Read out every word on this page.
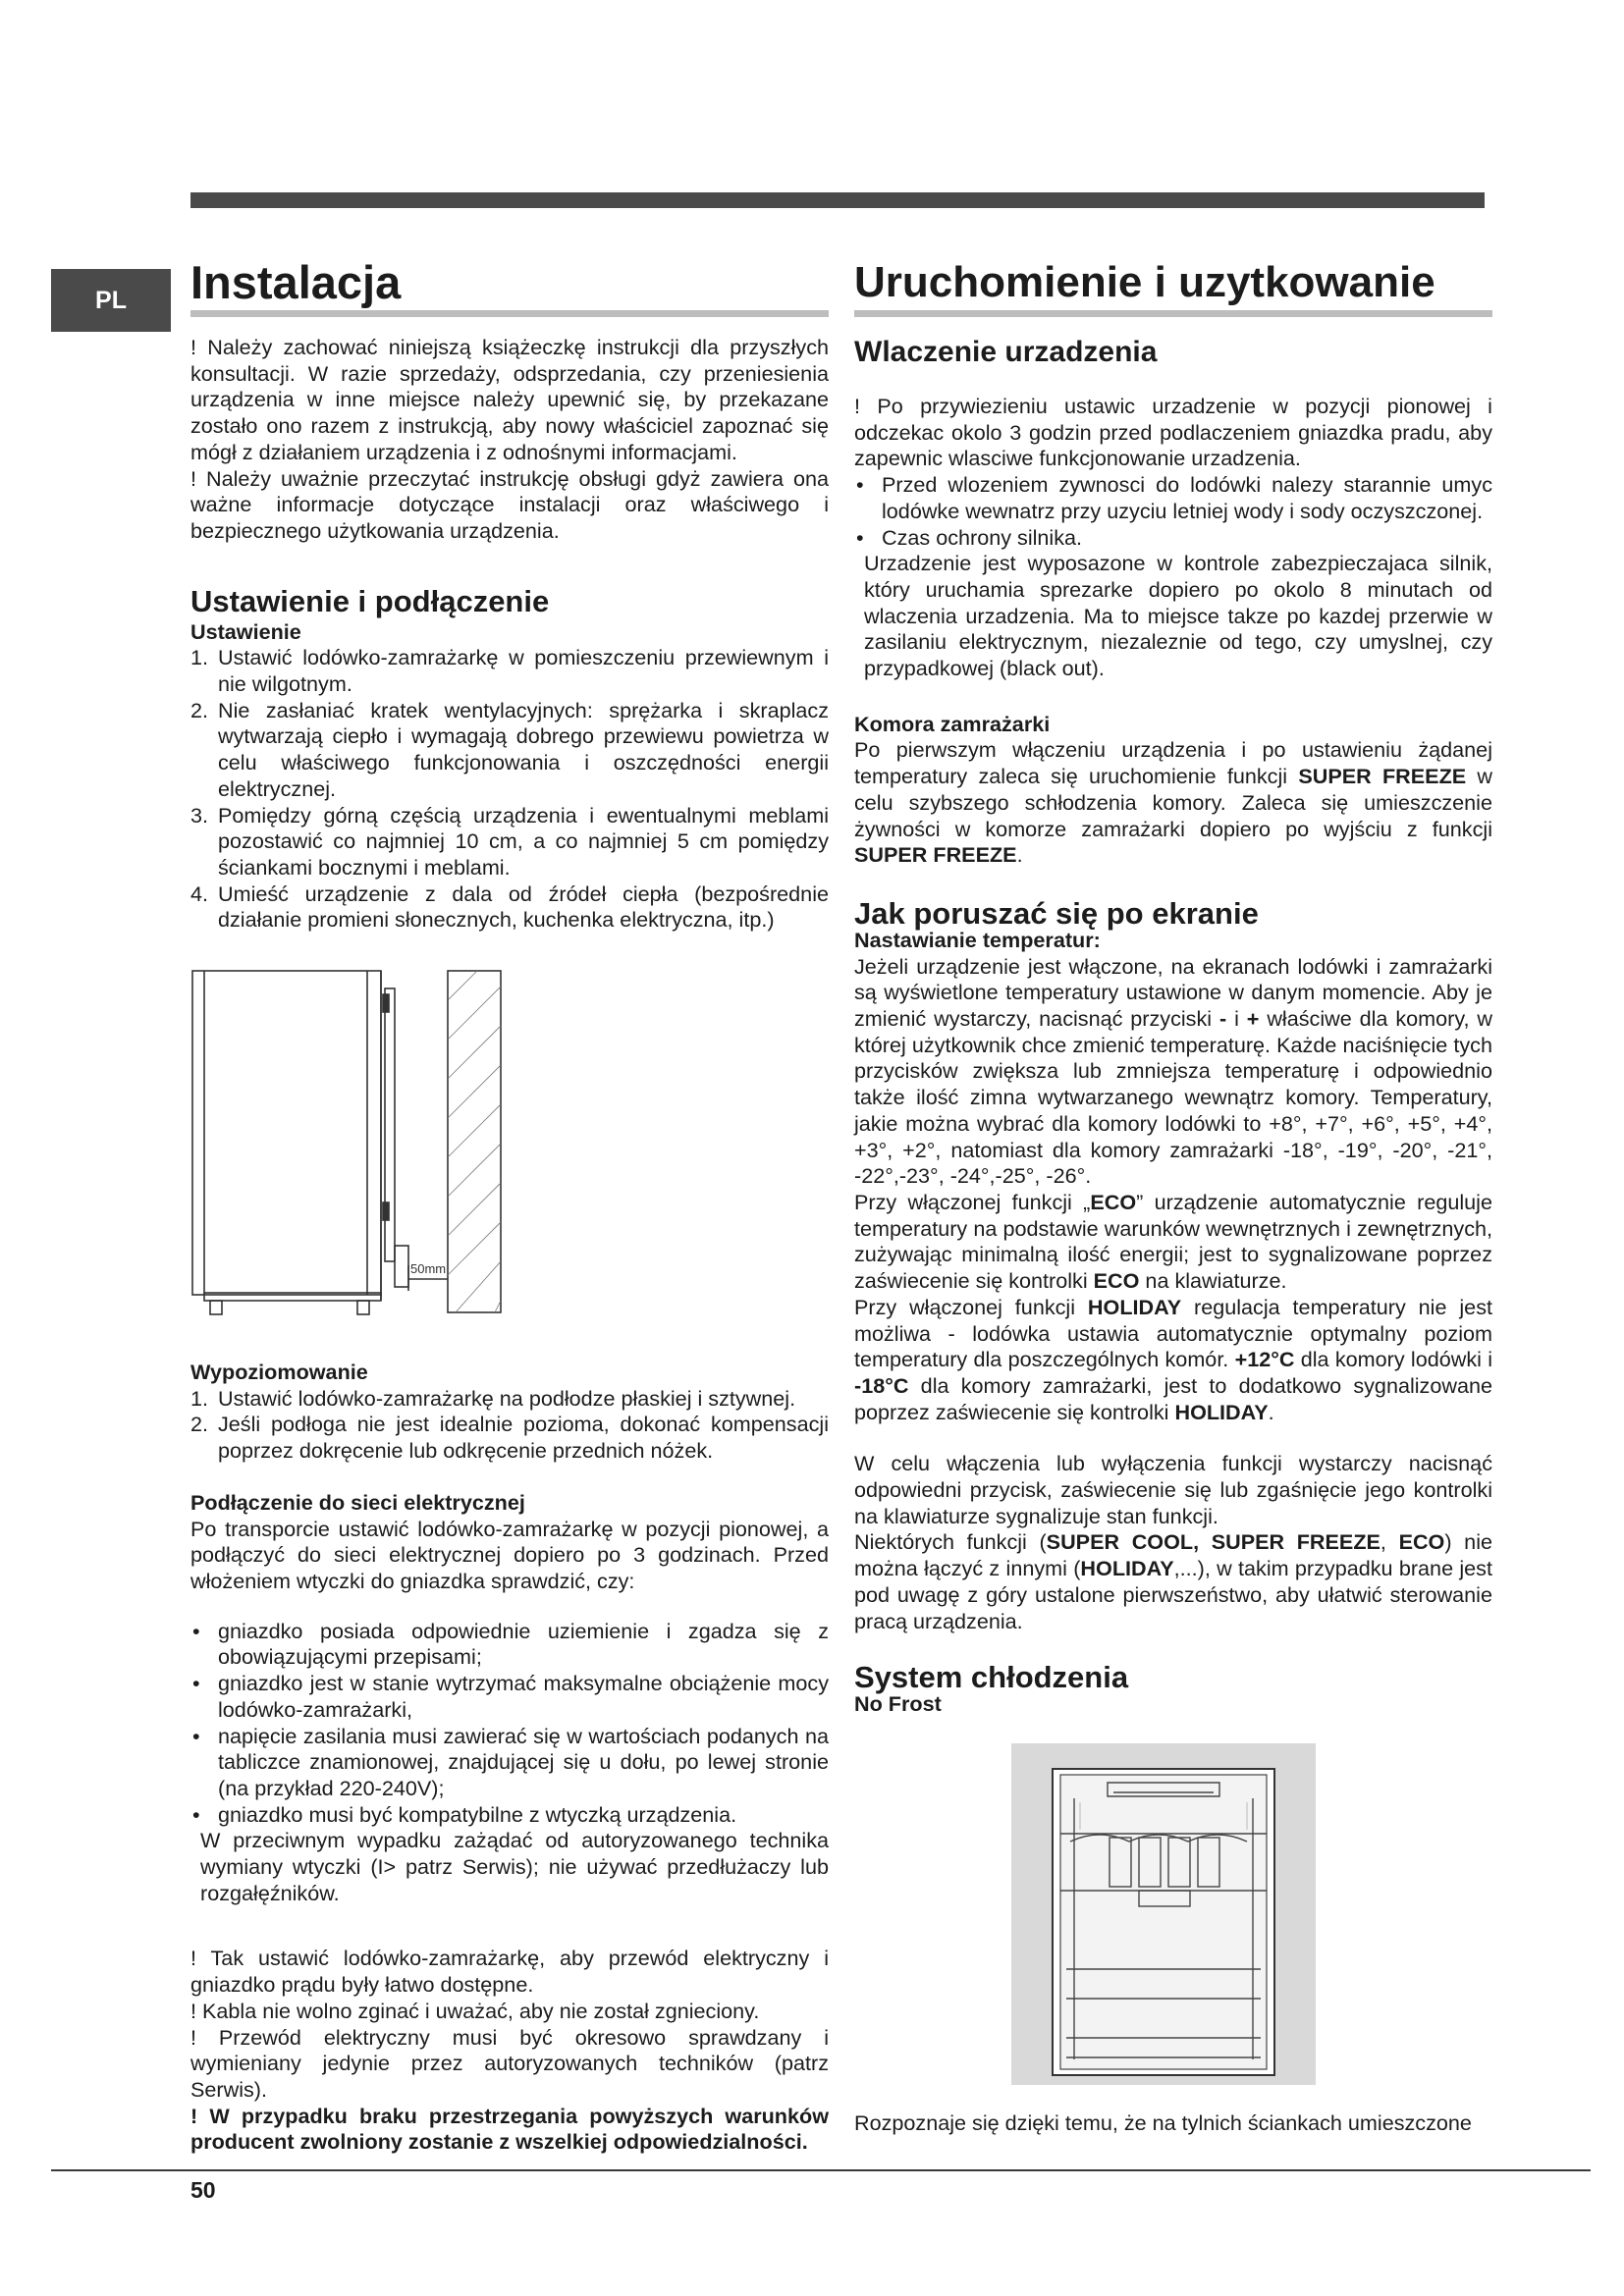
PL	Instalacja

! Należy zachować niniejszą książeczkę instrukcji dla przyszłych konsultacji. W razie sprzedaży, odsprzedania, czy przeniesienia urządzenia w inne miejsce należy upewnić się, by przekazane zostało ono razem z instrukcją, aby nowy właściciel zapoznać się mógł z działaniem urządzenia i z odnośnymi informacjami.

! Należy uważnie przeczytać instrukcję obsługi gdyż zawiera ona ważne informacje dotyczące instalacji oraz właściwego i bezpiecznego użytkowania urządzenia.

Ustawienie i podłączenie
Ustawienie
1. Ustawić lodówko-zamrażarkę w pomieszczeniu przewiewnym i nie wilgotnym.
2. Nie zasłaniać kratek wentylacyjnych: sprężarka i skraplacz wytwarzają ciepło i wymagają dobrego przewiewu powietrza w celu właściwego funkcjonowania i oszczędności energii elektrycznej.
3. Pomiędzy górną częścią urządzenia i ewentualnymi meblami pozostawić co najmniej 10 cm, a co najmniej 5 cm pomiędzy ściankami bocznymi i meblami.
4. Umieść urządzenie z dala od źródeł ciepła (bezpośrednie działanie promieni słonecznych, kuchenka elektryczna, itp.)
50mm
Wypoziomowanie
1. Ustawić lodówko-zamrażarkę na podłodze płaskiej i sztywnej.
2. Jeśli podłoga nie jest idealnie pozioma, dokonać kompensacji poprzez dokręcenie lub odkręcenie przednich nóżek.
Podłączenie do sieci elektrycznej

Po transporcie ustawić lodówko-zamrażarkę w pozycji pionowej, a podłączyć do sieci elektrycznej dopiero po 3 godzinach. Przed włożeniem wtyczki do gniazdka sprawdzić, czy:

• gniazdko posiada odpowiednie uziemienie i zgadza się z obowiązującymi przepisami;
• gniazdko jest w stanie wytrzymać maksymalne obciążenie mocy lodówko-zamrażarki,
• napięcie zasilania musi zawierać się w wartościach podanych na tabliczce znamionowej, znajdującej się u dołu, po lewej stronie (na przykład 220-240V);
• gniazdko musi być kompatybilne z wtyczką urządzenia.

W przeciwnym wypadku zażądać od autoryzowanego technika wymiany wtyczki (I> patrz Serwis); nie używać przedłużaczy lub rozgałęźników.

! Tak ustawić lodówko-zamrażarkę, aby przewód elektryczny i gniazdko prądu były łatwo dostępne.

! Kabla nie wolno zginać i uważać, aby nie został zgnieciony.

! Przewód elektryczny musi być okresowo sprawdzany i wymieniany jedynie przez autoryzowanych techników (patrz Serwis).

! W przypadku braku przestrzegania powyższych warunków producent zwolniony zostanie z wszelkiej odpowiedzialności.

Uruchomienie i uzytkowanie
Wlaczenie urzadzenia

! Po przywiezieniu ustawic urzadzenie w pozycji pionowej i odczekac okolo 3 godzin przed podlaczeniem gniazdka pradu, aby zapewnic wlasciwe funkcjonowanie urzadzenia.

• Przed wlozeniem zywnosci do lodówki nalezy starannie umyc lodówke wewnatrz przy uzyciu letniej wody i sody oczyszczonej.
• Czas ochrony silnika.

Urzadzenie jest wyposazone w kontrole zabezpieczajaca silnik, który uruchamia sprezarke dopiero po okolo 8 minutach od wlaczenia urzadzenia. Ma to miejsce takze po kazdej przerwie w zasilaniu elektrycznym, niezaleznie od tego, czy umyslnej, czy przypadkowej (black out).

Komora zamrażarki

Po pierwszym włączeniu urządzenia i po ustawieniu żądanej temperatury zaleca się uruchomienie funkcji SUPER FREEZE w celu szybszego schłodzenia komory. Zaleca się umieszczenie żywności w komorze zamrażarki dopiero po wyjściu z funkcji SUPER FREEZE.

Jak poruszać się po ekranie
Nastawianie temperatur:

Jeżeli urządzenie jest włączone, na ekranach lodówki i zamrażarki są wyświetlone temperatury ustawione w danym momencie. Aby je zmienić wystarczy, nacisnąć przyciski - i + właściwe dla komory, w której użytkownik chce zmienić temperaturę. Każde naciśnięcie tych przycisków zwiększa lub zmniejsza temperaturę i odpowiednio także ilość zimna wytwarzanego wewnątrz komory. Temperatury, jakie można wybrać dla komory lodówki to +8°, +7°, +6°, +5°, +4°, +3°, +2°, natomiast dla komory zamrażarki -18°, -19°, -20°, -21°, -22°,-23°, -24°,-25°, -26°.

Przy włączonej funkcji „ECO” urządzenie automatycznie reguluje temperatury na podstawie warunków wewnętrznych i zewnętrznych, zużywając minimalną ilość energii; jest to sygnalizowane poprzez zaświecenie się kontrolki ECO na klawiaturze.

Przy włączonej funkcji HOLIDAY regulacja temperatury nie jest możliwa - lodówka ustawia automatycznie optymalny poziom temperatury dla poszczególnych komór. +12°C dla komory lodówki i -18°C dla komory zamrażarki, jest to dodatkowo sygnalizowane poprzez zaświecenie się kontrolki HOLIDAY.

W celu włączenia lub wyłączenia funkcji wystarczy nacisnąć odpowiedni przycisk, zaświecenie się lub zgaśnięcie jego kontrolki na klawiaturze sygnalizuje stan funkcji.

Niektórych funkcji (SUPER COOL, SUPER FREEZE, ECO) nie można łączyć z innymi (HOLIDAY,...), w takim przypadku brane jest pod uwagę z góry ustalone pierwszeństwo, aby ułatwić sterowanie pracą urządzenia.

System chłodzenia
No Frost
Rozpoznaje się dzięki temu, że na tylnich ściankach umieszczone
50
